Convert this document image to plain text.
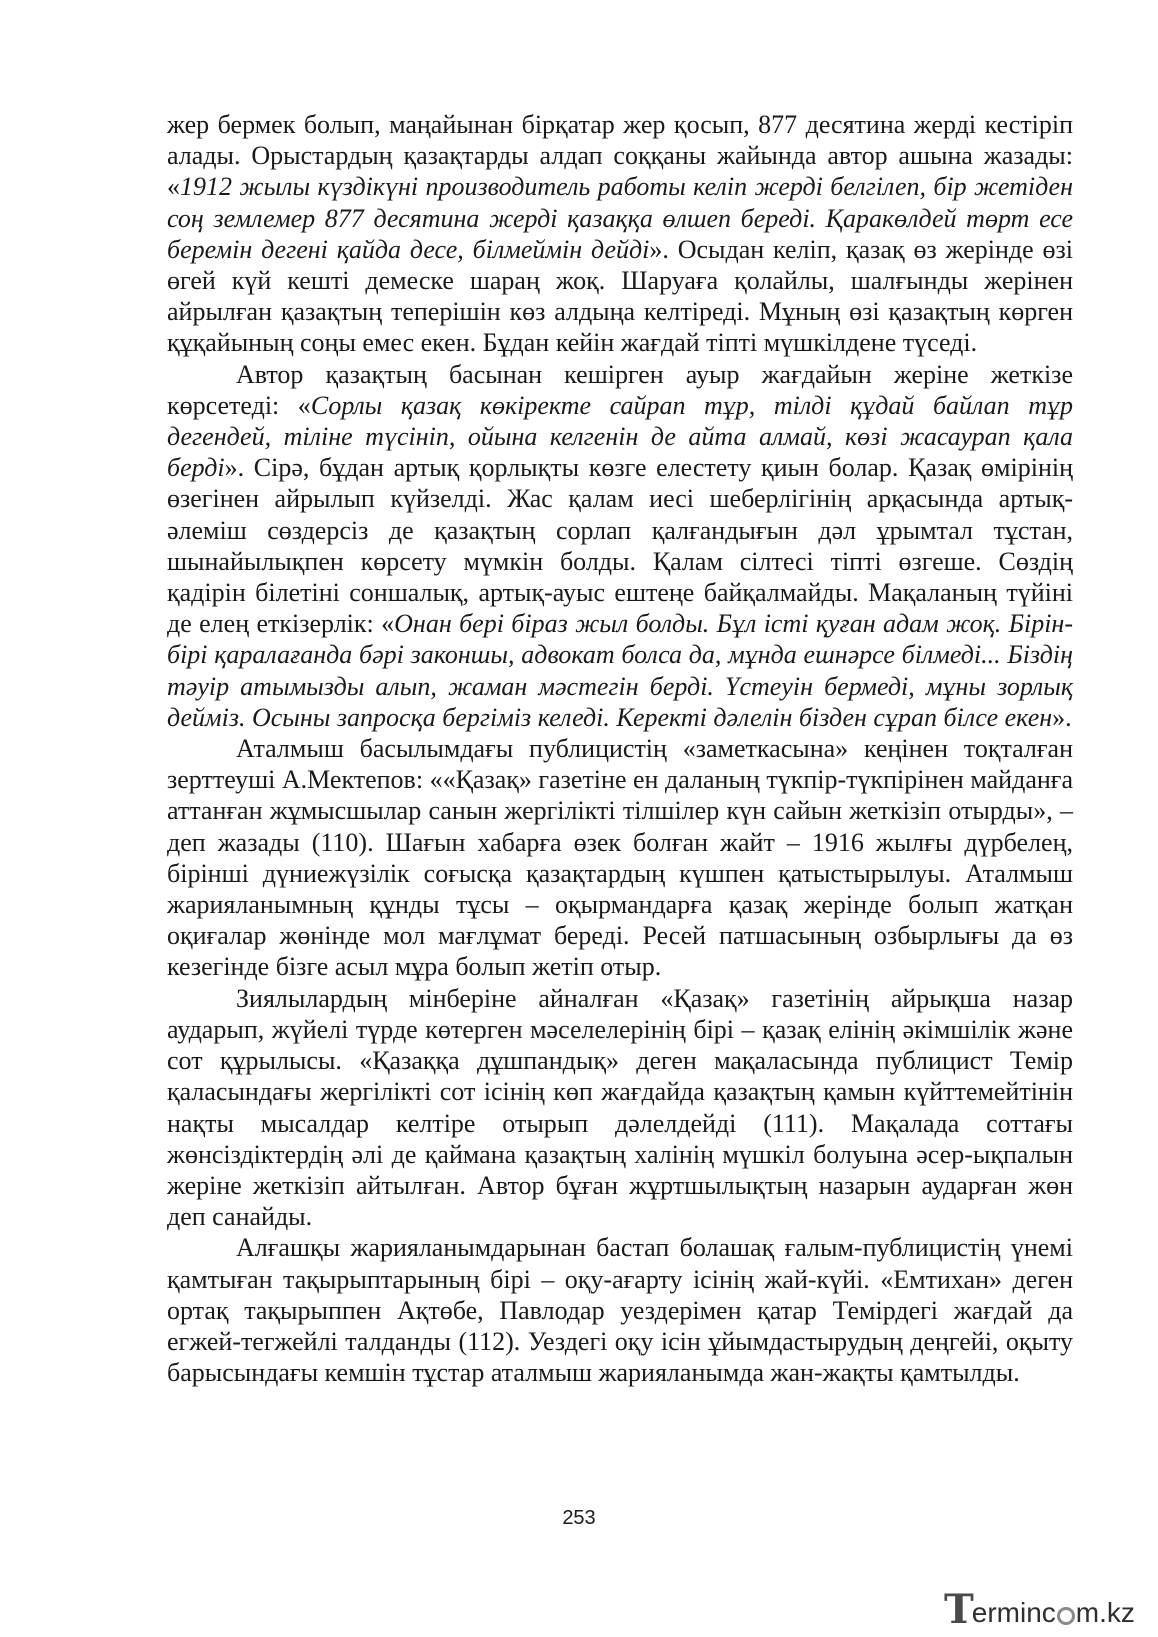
жер бермек болып, маңайынан бірқатар жер қосып, 877 десятина жерді кестіріп алады. Орыстардың қазақтарды алдап соққаны жайында автор ашына жазады: «1912 жылы күздікүні производитель работы келіп жерді белгілеп, бір жетіден соң землемер 877 десятина жерді қазаққа өлшеп береді. Қаракөлдей төрт есе беремін дегені қайда десе, білмеймін дейді». Осыдан келіп, қазақ өз жерінде өзі өгей күй кешті демеске шараң жоқ. Шаруаға қолайлы, шалғынды жерінен айрылған қазақтың теперішін көз алдыңа келтіреді. Мұның өзі қазақтың көрген құқайының соңы емес екен. Бұдан кейін жағдай тіпті мүшкілдене түседі.

Автор қазақтың басынан кешірген ауыр жағдайын жеріне жеткізе көрсетеді: «Сорлы қазақ көкіректе сайрап тұр, тілді құдай байлап тұр дегендей, тіліне түсініп, ойына келгенін де айта алмай, көзі жасаурап қала берді». Сірә, бұдан артық қорлықты көзге елестету қиын болар. Қазақ өмірінің өзегінен айрылып күйзелді. Жас қалам иесі шеберлігінің арқасында артық-әлеміш сөздерсіз де қазақтың сорлап қалғандығын дәл ұрымтал тұстан, шынайылықпен көрсету мүмкін болды. Қалам сілтесі тіпті өзгеше. Сөздің қадірін білетіні соншалық, артық-ауыс ештеңе байқалмайды. Мақаланың түйіні де елең еткізерлік: «Онан бері біраз жыл болды. Бұл істі қуған адам жоқ. Бірін-бірі қаралағанда бәрі законшы, адвокат болса да, мұнда ешнәрсе білмеді... Біздің тәуір атымызды алып, жаман мәстегін берді. Үстеуін бермеді, мұны зорлық дейміз. Осыны запросқа бергіміз келеді. Керекті дәлелін бізден сұрап білсе екен».

Аталмыш басылымдағы публицистің «заметкасына» кеңінен тоқталған зерттеуші А.Мектепов: ««Қазақ» газетіне ен даланың түкпір-түкпірінен майданға аттанған жұмысшылар санын жергілікті тілшілер күн сайын жеткізіп отырды», – деп жазады (110). Шағын хабарға өзек болған жайт – 1916 жылғы дүрбелең, бірінші дүниежүзілік соғысқа қазақтардың күшпен қатыстырылуы. Аталмыш жарияланымның құнды тұсы – оқырмандарға қазақ жерінде болып жатқан оқиғалар жөнінде мол мағлұмат береді. Ресей патшасының озбырлығы да өз кезегінде бізге асыл мұра болып жетіп отыр.

Зиялылардың мінберіне айналған «Қазақ» газетінің айрықша назар аударып, жүйелі түрде көтерген мәселелерінің бірі – қазақ елінің әкімшілік және сот құрылысы. «Қазаққа дұшпандық» деген мақаласында публицист Темір қаласындағы жергілікті сот ісінің көп жағдайда қазақтың қамын күйттемейтінін нақты мысалдар келтіре отырып дәлелдейді (111). Мақалада соттағы жөнсіздіктердің әлі де қаймана қазақтың халінің мүшкіл болуына әсер-ықпалын жеріне жеткізіп айтылған. Автор бұған жұртшылықтың назарын аударған жөн деп санайды.

Алғашқы жарияланымдарынан бастап болашақ ғалым-публицистің үнемі қамтыған тақырыптарының бірі – оқу-ағарту ісінің жай-күйі. «Емтихан» деген ортақ тақырыппен Ақтөбе, Павлодар уездерімен қатар Темірдегі жағдай да егжей-тегжейлі талданды (112). Уездегі оқу ісін ұйымдастырудың деңгейі, оқыту барысындағы кемшін тұстар аталмыш жарияланымда жан-жақты қамтылды.

253
T erminc m.kz
